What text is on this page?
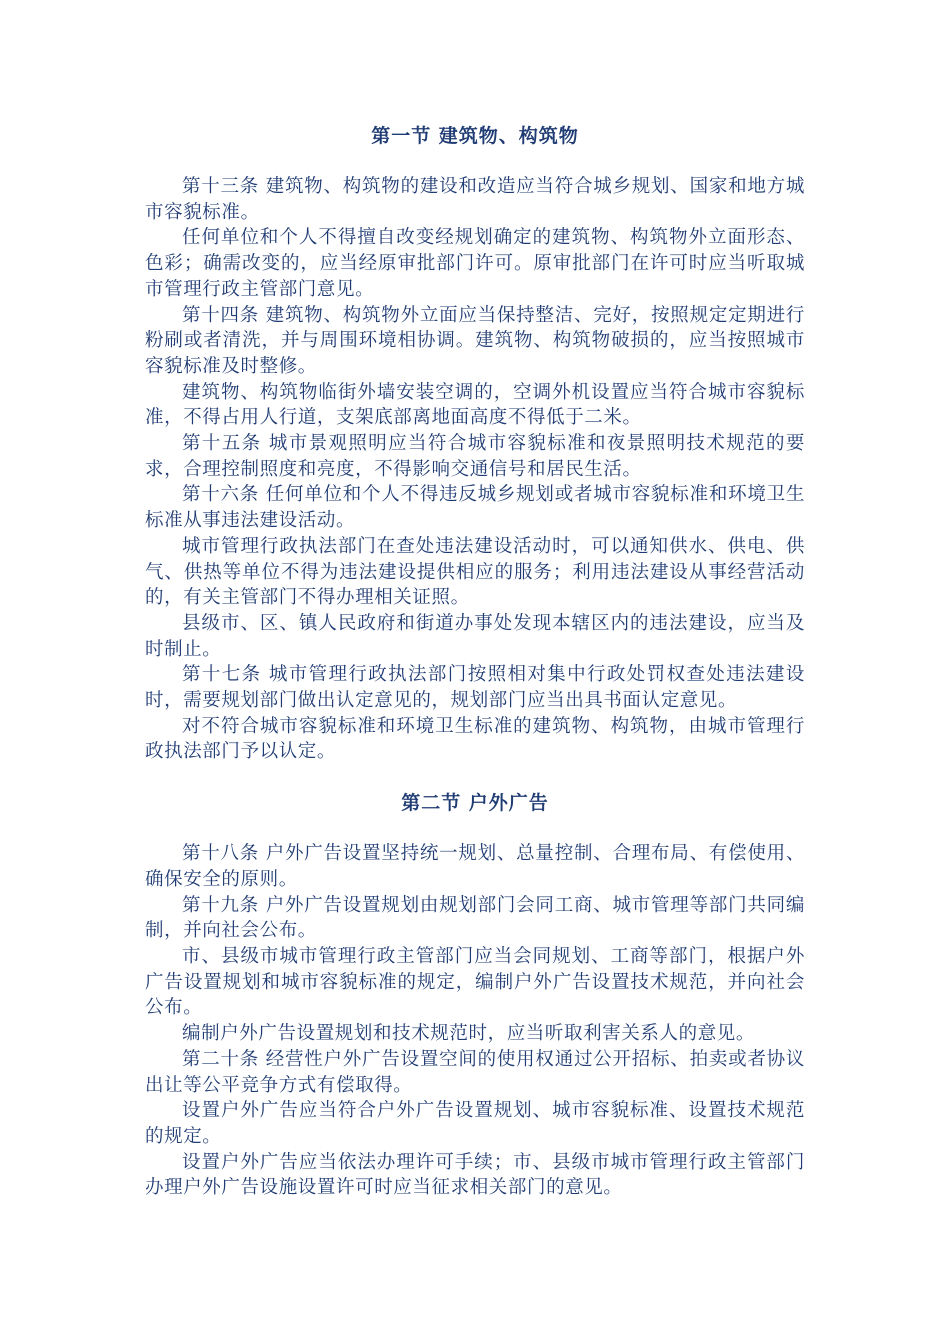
第一节 建筑物、构筑物

第十三条 建筑物、构筑物的建设和改造应当符合城乡规划、国家和地方城市容貌标准。

任何单位和个人不得擅自改变经规划确定的建筑物、构筑物外立面形态、色彩；确需改变的，应当经原审批部门许可。原审批部门在许可时应当听取城市管理行政主管部门意见。

第十四条 建筑物、构筑物外立面应当保持整洁、完好，按照规定定期进行粉刷或者清洗，并与周围环境相协调。建筑物、构筑物破损的，应当按照城市容貌标准及时整修。

建筑物、构筑物临街外墙安装空调的，空调外机设置应当符合城市容貌标准，不得占用人行道，支架底部离地面高度不得低于二米。

第十五条 城市景观照明应当符合城市容貌标准和夜景照明技术规范的要求，合理控制照度和亮度，不得影响交通信号和居民生活。

第十六条 任何单位和个人不得违反城乡规划或者城市容貌标准和环境卫生标准从事违法建设活动。

城市管理行政执法部门在查处违法建设活动时，可以通知供水、供电、供气、供热等单位不得为违法建设提供相应的服务；利用违法建设从事经营活动的，有关主管部门不得办理相关证照。

县级市、区、镇人民政府和街道办事处发现本辖区内的违法建设，应当及时制止。

第十七条 城市管理行政执法部门按照相对集中行政处罚权查处违法建设时，需要规划部门做出认定意见的，规划部门应当出具书面认定意见。

对不符合城市容貌标准和环境卫生标准的建筑物、构筑物，由城市管理行政执法部门予以认定。

第二节 户外广告

第十八条 户外广告设置坚持统一规划、总量控制、合理布局、有偿使用、确保安全的原则。

第十九条 户外广告设置规划由规划部门会同工商、城市管理等部门共同编制，并向社会公布。

市、县级市城市管理行政主管部门应当会同规划、工商等部门，根据户外广告设置规划和城市容貌标准的规定，编制户外广告设置技术规范，并向社会公布。

编制户外广告设置规划和技术规范时，应当听取利害关系人的意见。

第二十条 经营性户外广告设置空间的使用权通过公开招标、拍卖或者协议出让等公平竞争方式有偿取得。

设置户外广告应当符合户外广告设置规划、城市容貌标准、设置技术规范的规定。

设置户外广告应当依法办理许可手续；市、县级市城市管理行政主管部门办理户外广告设施设置许可时应当征求相关部门的意见。
